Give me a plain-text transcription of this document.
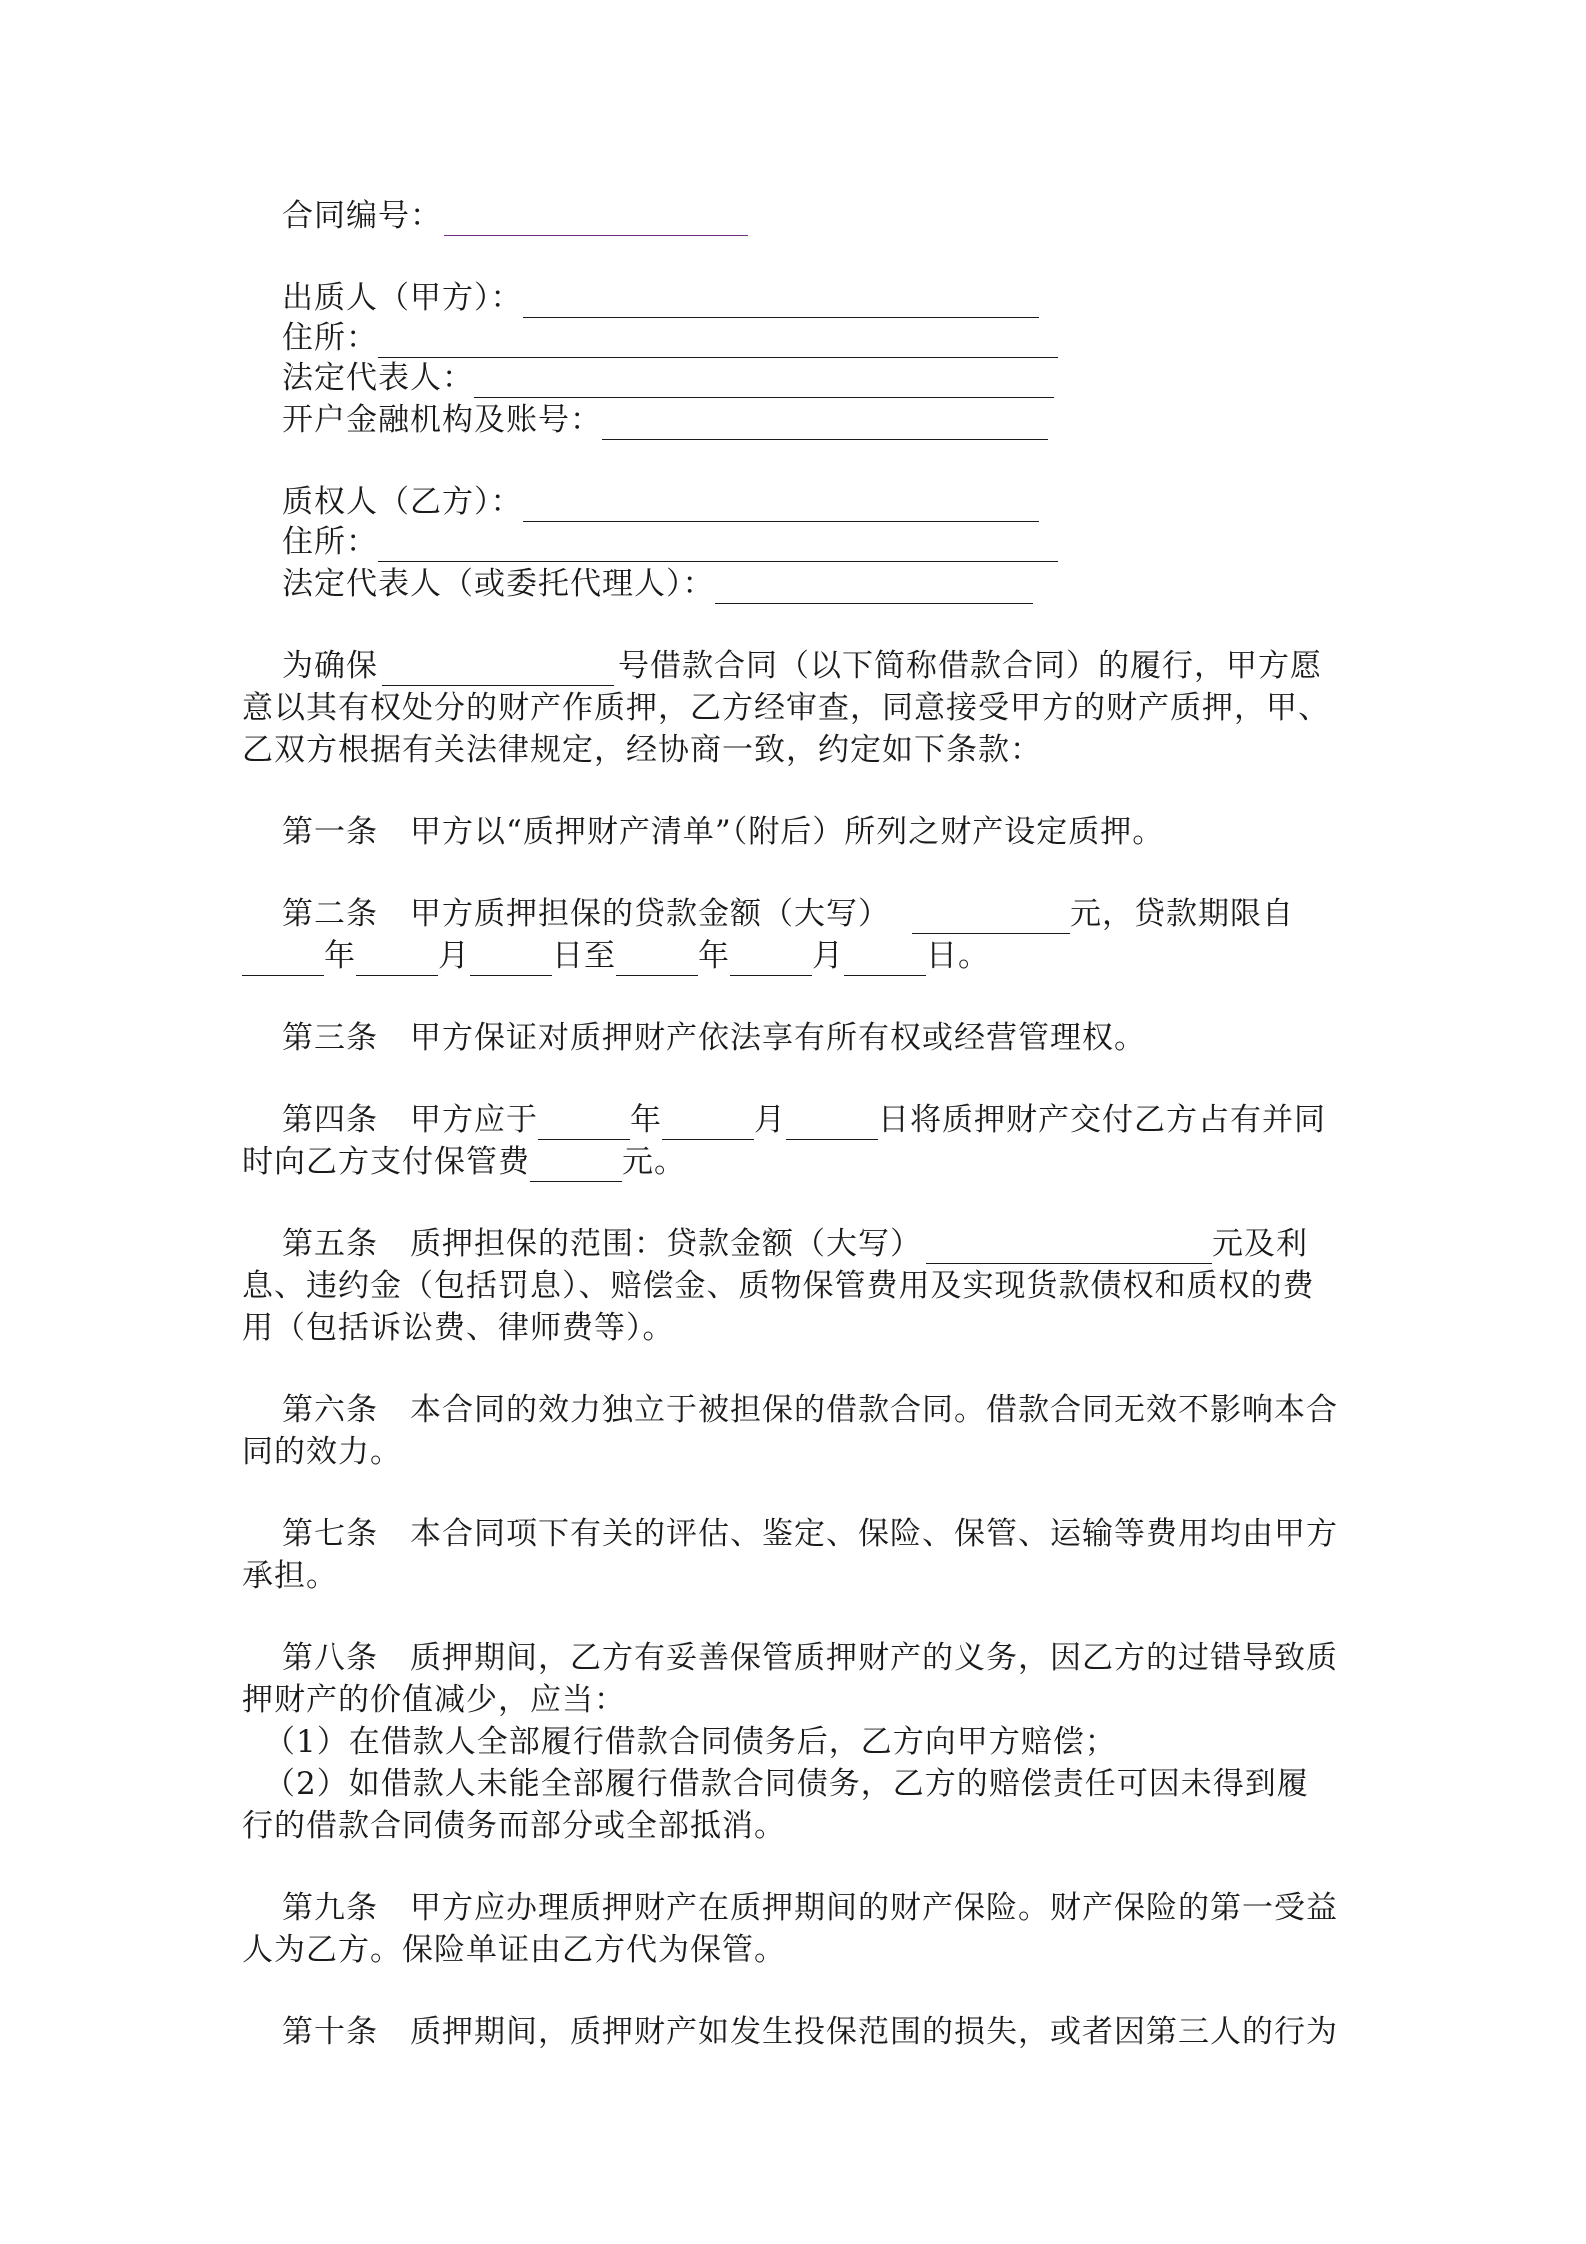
合同编号：
出质人（甲方）：
住所：
法定代表人：
开户金融机构及账号：
质权人（乙方）：
住所：
法定代表人（或委托代理人）：
为确保	号借款合同（以下简称借款合同）的履行，甲方愿
意以其有权处分的财产作质押，乙方经审查，同意接受甲方的财产质押，甲、
乙双方根据有关法律规定，经协商一致，约定如下条款：
第一条　甲方以“质押财产清单”（附后）所列之财产设定质押。
第二条　甲方质押担保的贷款金额（大写）	元，贷款期限自
年	月	日至	年	月	日。
第三条　甲方保证对质押财产依法享有所有权或经营管理权。
第四条　甲方应于	年	月	日将质押财产交付乙方占有并同
时向乙方支付保管费	元。
第五条　质押担保的范围：贷款金额（大写）	元及利
息、违约金（包括罚息）、赔偿金、质物保管费用及实现货款债权和质权的费
用（包括诉讼费、律师费等）。
第六条　本合同的效力独立于被担保的借款合同。借款合同无效不影响本合
同的效力。
第七条　本合同项下有关的评估、鉴定、保险、保管、运输等费用均由甲方
承担。
第八条　质押期间，乙方有妥善保管质押财产的义务，因乙方的过错导致质
押财产的价值减少，应当：
（1）在借款人全部履行借款合同债务后，乙方向甲方赔偿；
（2）如借款人未能全部履行借款合同债务，乙方的赔偿责任可因未得到履
行的借款合同债务而部分或全部抵消。
第九条　甲方应办理质押财产在质押期间的财产保险。财产保险的第一受益
人为乙方。保险单证由乙方代为保管。
第十条　质押期间，质押财产如发生投保范围的损失，或者因第三人的行为
